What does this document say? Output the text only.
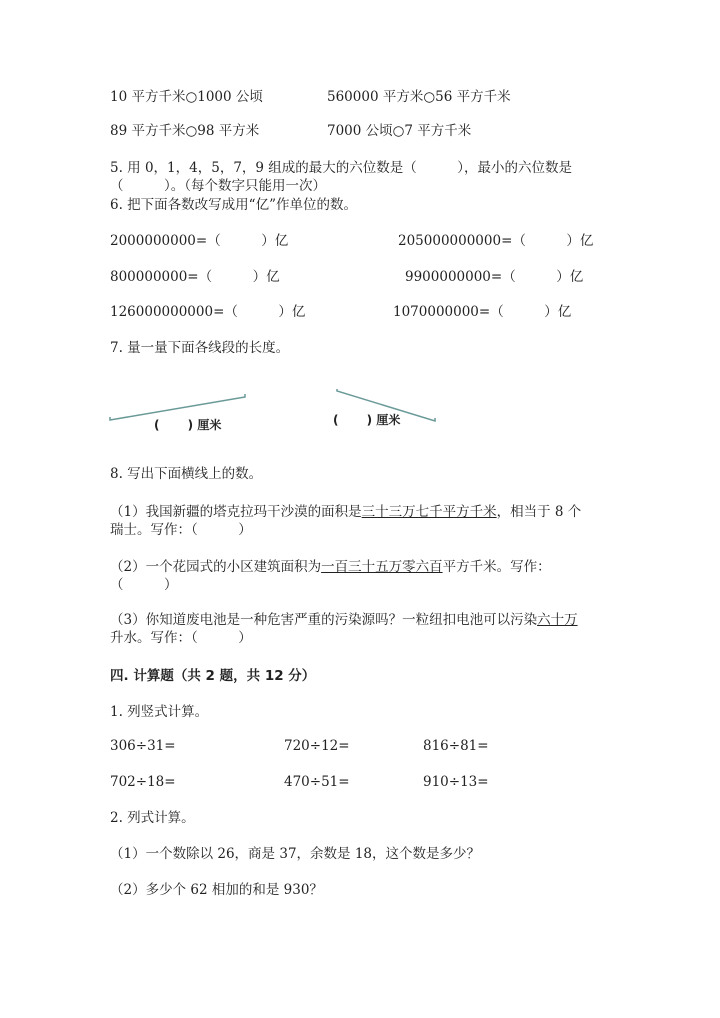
10 平方千米○1000 公顷	560000 平方米○56 平方千米
89 平方千米○98 平方米	7000 公顷○7 平方千米
5. 用 0，1，4，5，7，9 组成的最大的六位数是（　　　），最小的六位数是
（　　　）。（每个数字只能用一次）
6. 把下面各数改写成用“亿”作单位的数。
2000000000=（　　　）亿	205000000000=（　　　）亿
800000000=（　　　）亿	9900000000=（　　　）亿
126000000000=（　　　）亿	1070000000=（　　　）亿
7. 量一量下面各线段的长度。
(　　 ) 厘米	(　　 ) 厘米
8. 写出下面横线上的数。
（1）我国新疆的塔克拉玛干沙漠的面积是三十三万七千平方千米，相当于 8 个
瑞士。写作：（　　　）
（2）一个花园式的小区建筑面积为一百三十五万零六百平方千米。写作：
（　　　）
（3）你知道废电池是一种危害严重的污染源吗？一粒纽扣电池可以污染六十万
升水。写作：（　　　）
四. 计算题（共 2 题，共 12 分）
1. 列竖式计算。
306÷31=	720÷12=	816÷81=
702÷18=	470÷51=	910÷13=
2. 列式计算。
（1）一个数除以 26，商是 37，余数是 18，这个数是多少？
（2）多少个 62 相加的和是 930？
